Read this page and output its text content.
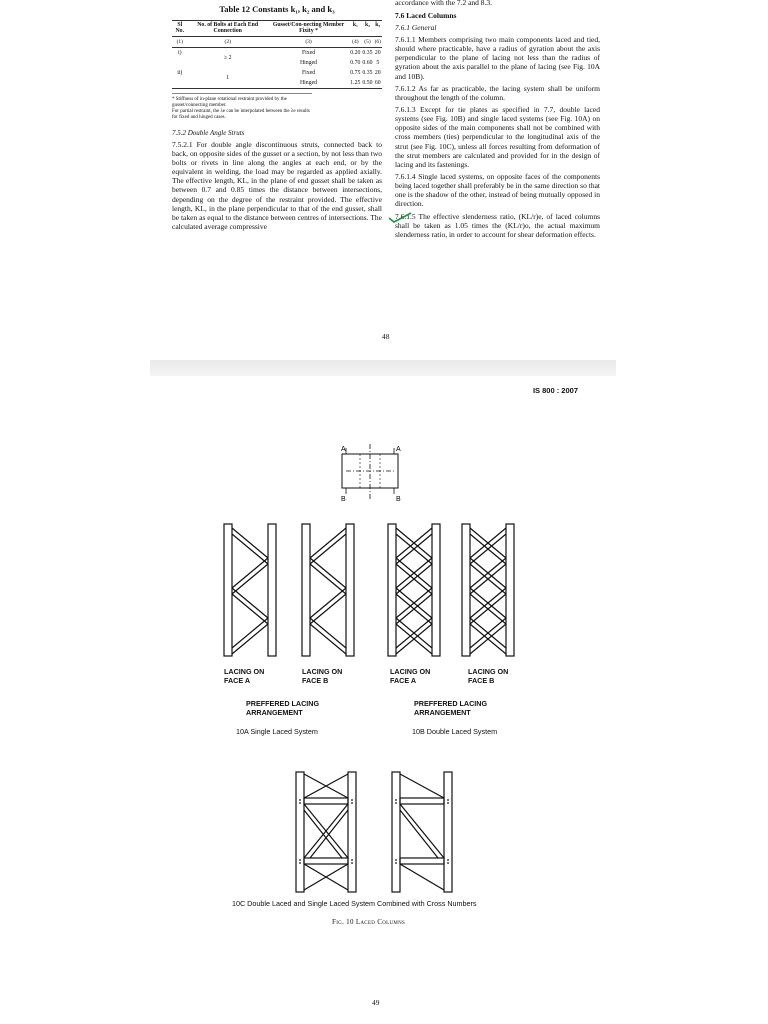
Table 12 Constants k₁, k₂ and k₃
Sl No.	No. of Bolts at Each End Connection	Gusset/Con-necting Member Fixity *	k₁	k₂	k₃
(1)	(2)	(3)	(4)	(5)	(6)
i)	≥ 2	Fixed	0.20	0.35	20
		Hinged	0.70	0.60	5
ii)	1	Fixed	0.75	0.35	20
		Hinged	1.25	0.50	60
* Stiffness of in-plane rotational restraint provided by the gusset/connecting member.
For partial restraint, the λe can be interpolated between the λe results for fixed and hinged cases.
7.5.2 Double Angle Struts
7.5.2.1 For double angle discontinuous struts, connected back to back, on opposite sides of the gusset or a section, by not less than two bolts or rivets in line along the angles at each end, or by the equivalent in welding, the load may be regarded as applied axially. The effective length, KL, in the plane of end gusset shall be taken as between 0.7 and 0.85 times the distance between intersections, depending on the degree of the restraint provided. The effective length, KL, in the plane perpendicular to that of the end gusset, shall be taken as equal to the distance between centres of intersections. The calculated average compressive
accordance with the 7.2 and 8.3.
7.6 Laced Columns
7.6.1 General
7.6.1.1 Members comprising two main components laced and tied, should where practicable, have a radius of gyration about the axis perpendicular to the plane of lacing not less than the radius of gyration about the axis parallel to the plane of lacing (see Fig. 10A and 10B).
7.6.1.2 As far as practicable, the lacing system shall be uniform throughout the length of the column.
7.6.1.3 Except for tie plates as specified in 7.7, double laced systems (see Fig. 10B) and single laced systems (see Fig. 10A) on opposite sides of the main components shall not be combined with cross members (ties) perpendicular to the longitudinal axis of the strut (see Fig. 10C), unless all forces resulting from deformation of the strut members are calculated and provided for in the design of lacing and its fastenings.
7.6.1.4 Single laced systems, on opposite faces of the components being laced together shall preferably be in the same direction so that one is the shadow of the other, instead of being mutually opposed in direction.
7.6.1.5 The effective slenderness ratio, (KL/r)e, of laced columns shall be taken as 1.05 times the (KL/r)o, the actual maximum slenderness ratio, in order to account for shear deformation effects.
48
IS 800 : 2007
A	A
B	B
LACING ON FACE A
LACING ON FACE B
LACING ON FACE A
LACING ON FACE B
PREFFERED LACING ARRANGEMENT
PREFFERED LACING ARRANGEMENT
10A Single Laced System	10B Double Laced System
10C Double Laced and Single Laced System Combined with Cross Numbers
Fig. 10 Laced Columns
49
